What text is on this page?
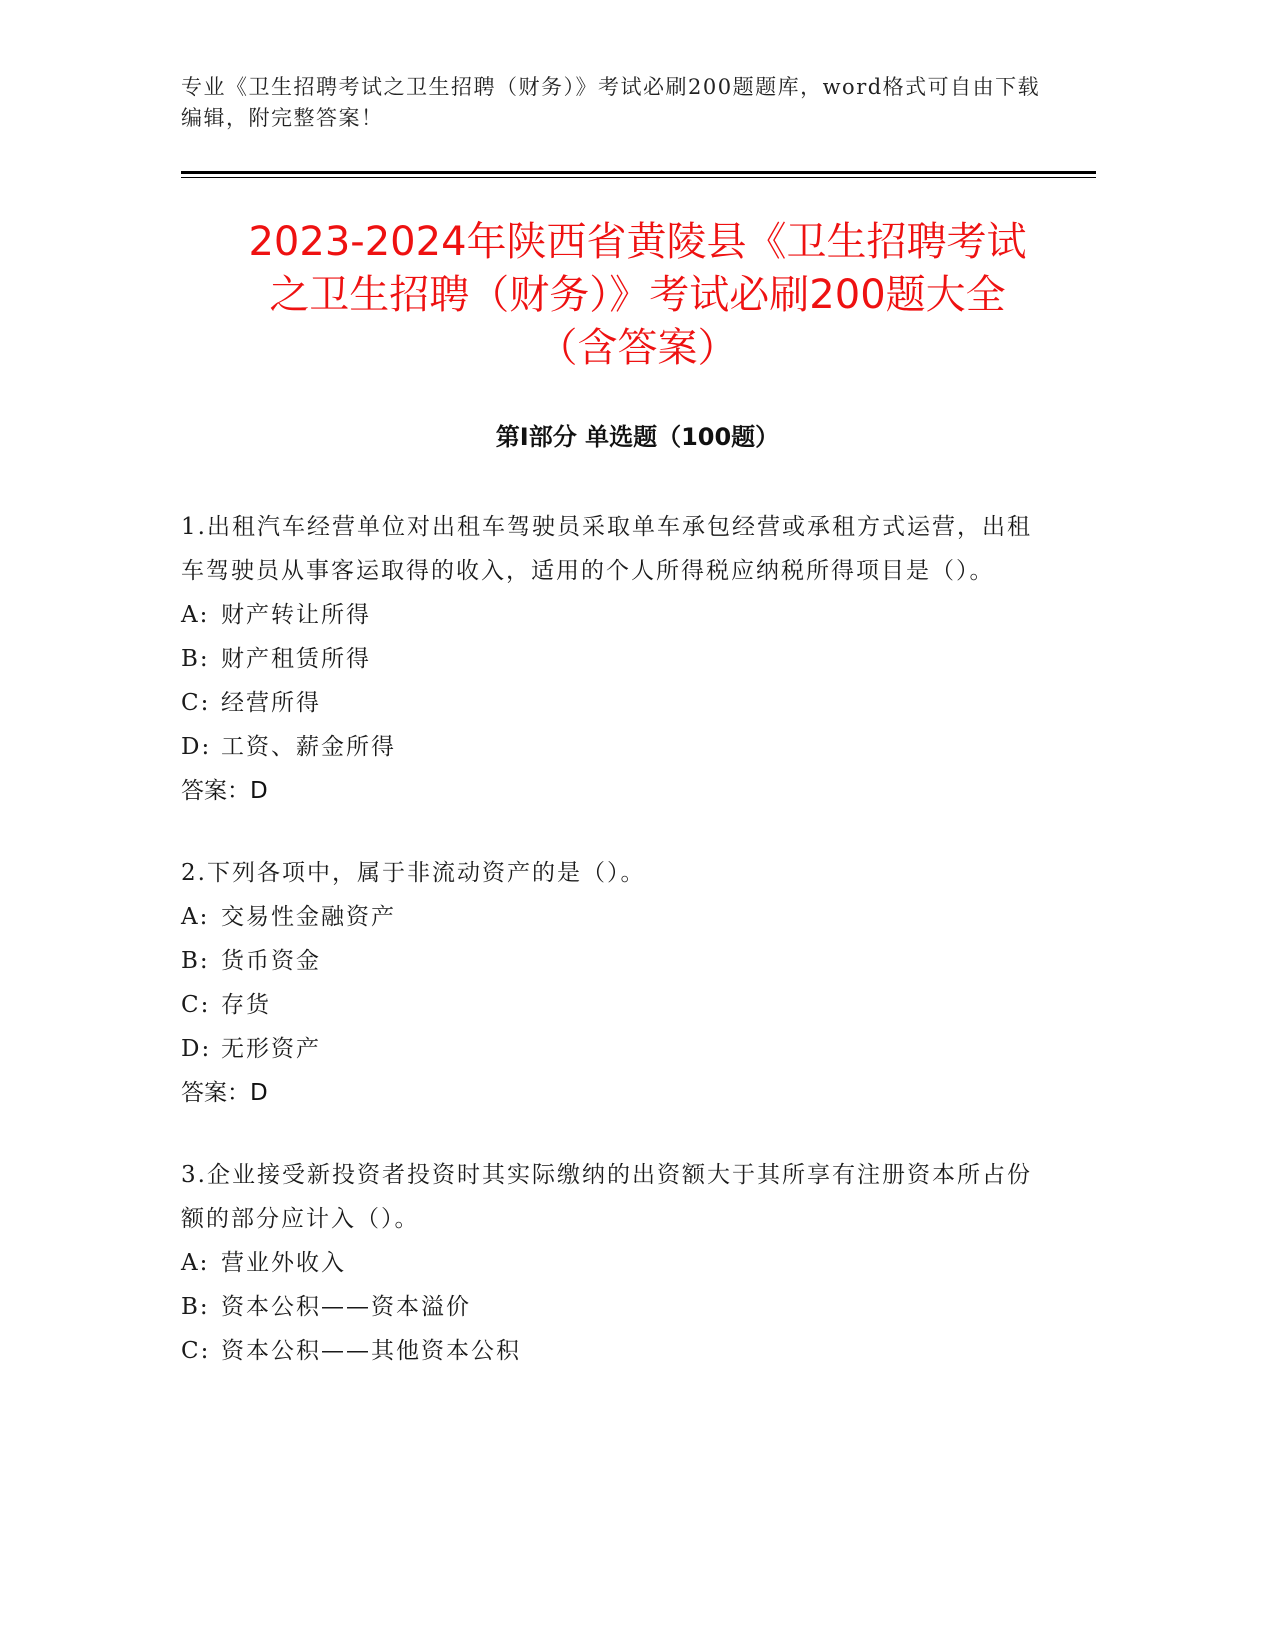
专业《卫生招聘考试之卫生招聘（财务）》考试必刷200题题库，word格式可自由下载编辑，附完整答案！
2023-2024年陕西省黄陵县《卫生招聘考试
之卫生招聘（财务）》考试必刷200题大全
（含答案）
第Ⅰ部分 单选题（100题）
1.出租汽车经营单位对出租车驾驶员采取单车承包经营或承租方式运营，出租车驾驶员从事客运取得的收入，适用的个人所得税应纳税所得项目是（）。
A: 财产转让所得
B: 财产租赁所得
C: 经营所得
D: 工资、薪金所得
答案：D
2.下列各项中，属于非流动资产的是（）。
A: 交易性金融资产
B: 货币资金
C: 存货
D: 无形资产
答案：D
3.企业接受新投资者投资时其实际缴纳的出资额大于其所享有注册资本所占份额的部分应计入（）。
A: 营业外收入
B: 资本公积——资本溢价
C: 资本公积——其他资本公积
